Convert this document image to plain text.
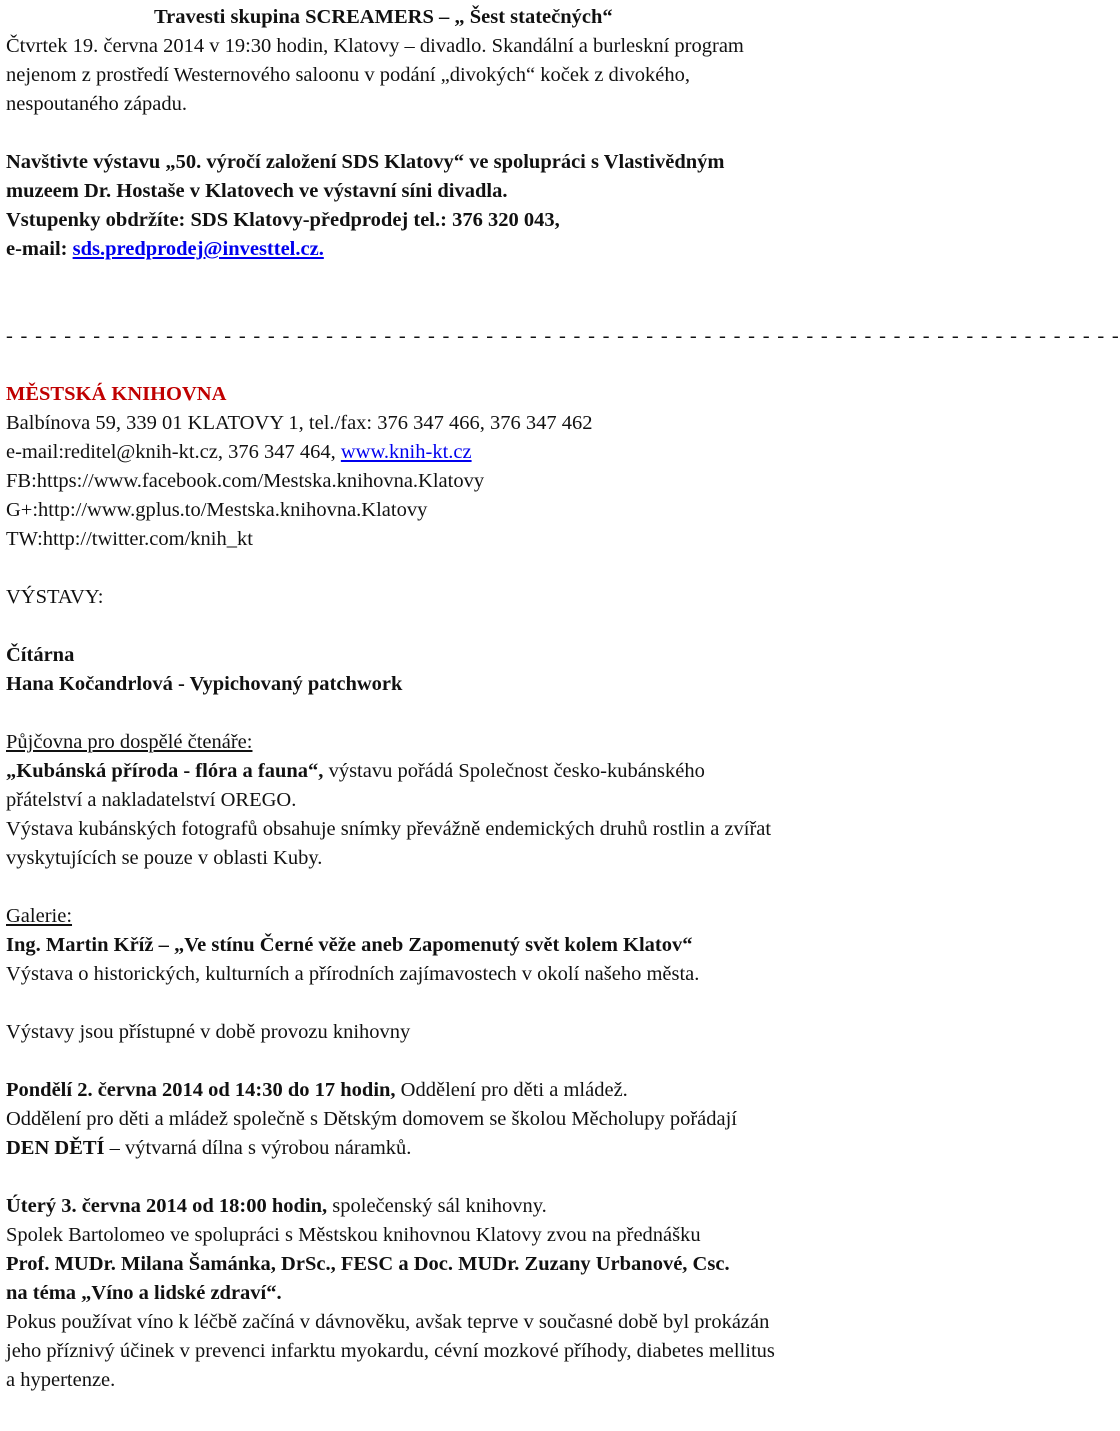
Travesti skupina SCREAMERS – „ Šest statečných“

Čtvrtek 19. června 2014 v 19:30 hodin, Klatovy – divadlo. Skandální a burleskní program

nejenom z prostředí Westernového saloonu v podání „divokých“ koček z divokého,

nespoutaného západu.

Navštivte výstavu „50. výročí založení SDS Klatovy“ ve spolupráci s Vlastivědným

muzeem Dr. Hostaše v Klatovech ve výstavní síni divadla.

Vstupenky obdržíte: SDS Klatovy-předprodej tel.: 376 320 043,

e-mail: sds.predprodej@investtel.cz.

- - - - - - - - - - - - - - - - - - - - - - - - - - - - - - - - - - - - - - - - - - - - - - - - - - - - - - - - - - - - - - - - - - - - - - - - - - - - -

MĚSTSKÁ KNIHOVNA

Balbínova 59, 339 01 KLATOVY 1, tel./fax: 376 347 466, 376 347 462

e-mail:reditel@knih-kt.cz, 376 347 464, www.knih-kt.cz

FB:https://www.facebook.com/Mestska.knihovna.Klatovy

G+:http://www.gplus.to/Mestska.knihovna.Klatovy

TW:http://twitter.com/knih_kt

VÝSTAVY:

Čítárna

Hana Kočandrlová - Vypichovaný patchwork

Půjčovna pro dospělé čtenáře:

„Kubánská příroda - flóra a fauna“, výstavu pořádá Společnost česko-kubánského

přátelství a nakladatelství OREGO.

Výstava kubánských fotografů obsahuje snímky převážně endemických druhů rostlin a zvířat

vyskytujících se pouze v oblasti Kuby.

Galerie:

Ing. Martin Kříž – „Ve stínu Černé věže aneb Zapomenutý svět kolem Klatov“

Výstava o historických, kulturních a přírodních zajímavostech v okolí našeho města.

Výstavy jsou přístupné v době provozu knihovny

Pondělí 2. června 2014 od 14:30 do 17 hodin, Oddělení pro děti a mládež.

Oddělení pro děti a mládež společně s Dětským domovem se školou Měcholupy pořádají

DEN DĚTÍ – výtvarná dílna s výrobou náramků.

Úterý 3. června 2014 od 18:00 hodin, společenský sál knihovny.

Spolek Bartolomeo ve spolupráci s Městskou knihovnou Klatovy zvou na přednášku

Prof. MUDr. Milana Šamánka, DrSc., FESC a Doc. MUDr. Zuzany Urbanové, Csc.

na téma „Víno a lidské zdraví“.

Pokus používat víno k léčbě začíná v dávnověku, avšak teprve v současné době byl prokázán

jeho příznivý účinek v prevenci infarktu myokardu, cévní mozkové příhody, diabetes mellitus

a hypertenze.
